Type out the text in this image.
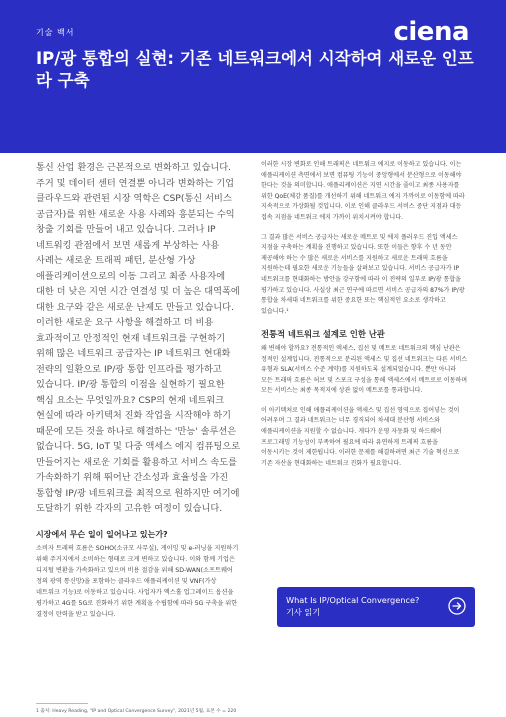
기술 백서	ciena
IP/광 통합의 실현: 기존 네트워크에서 시작하여 새로운 인프라 구축

통신 산업 환경은 근본적으로 변화하고 있습니다. 주거 및 데이터 센터 연결뿐 아니라 변화하는 기업 클라우드와 관련된 시장 역학은 CSP(통신 서비스 공급자)를 위한 새로운 사용 사례와 흥분되는 수익 창출 기회를 만들어 내고 있습니다. 그러나 IP 네트워킹 관점에서 보면 새롭게 부상하는 사용 사례는 새로운 트래픽 패턴, 분산형 가상 애플리케이션으로의 이동 그리고 최종 사용자에 대한 더 낮은 지연 시간 연결성 및 더 높은 대역폭에 대한 요구와 같은 새로운 난제도 만들고 있습니다. 이러한 새로운 요구 사항을 해결하고 더 비용 효과적이고 안정적인 현재 네트워크를 구현하기 위해 많은 네트워크 공급자는 IP 네트워크 현대화 전략의 일환으로 IP/광 통합 인프라를 평가하고 있습니다. IP/광 통합의 이점을 실현하기 필요한 핵심 요소는 무엇일까요? CSP의 현재 네트워크 현실에 따라 아키텍처 진화 작업을 시작해야 하기 때문에 모든 것을 하나로 해결하는 '만능' 솔루션은 없습니다. 5G, IoT 및 다중 액세스 에지 컴퓨팅으로 만들어지는 새로운 기회를 활용하고 서비스 속도를 가속화하기 위해 뛰어난 간소성과 효율성을 가진 통합형 IP/광 네트워크를 최적으로 원하지만 여기에 도달하기 위한 각자의 고유한 여정이 있습니다.

시장에서 무슨 일이 일어나고 있는가?

소비자 트래픽 흐름은 SOHO(소규모 사무실), 게이밍 및 e-러닝을 지원하기 위해 주거지에서 소비하는 형태로 크게 변하고 있습니다. 이와 함께 기업은 디지털 변환을 가속화하고 있으며 비용 절감을 위해 SD-WAN(소프트웨어 정의 광역 통신망)을 포함하는 클라우드 애플리케이션 및 VNF(가상 네트워크 기능)로 이동하고 있습니다. 사업자가 액스홀 업그레이드 옵션을 평가하고 4G를 5G로 진화하기 위한 계획을 수립함에 따라 5G 구축을 위한 결정이 탄력을 받고 있습니다.

이러한 시장 변화로 인해 트래픽은 네트워크 에지로 이동하고 있습니다. 이는 애플리케이션 측면에서 보면 컴퓨팅 기능이 중앙형에서 분산형으로 이동해야 한다는 것을 의미합니다. 애플리케이션은 지연 시간을 줄이고 최종 사용자를 위한 QoE(체감 품질)를 개선하기 위해 네트워크 에지 가까이로 이동함에 따라 지속적으로 가상화될 것입니다. 이로 인해 클라우드 서비스 중단 지점과 대등 접속 지점을 네트워크 에지 가까이 위치시켜야 합니다.

그 결과 많은 서비스 공급자는 새로운 메트로 및 에지 플러우드 진입 액세스 지점을 구축하는 계획을 진행하고 있습니다. 또한 이들은 향후 수 년 동안 제공해야 하는 수 많은 새로운 서비스를 지원하고 새로운 트래픽 흐름을 지원하는데 필요한 새로운 기능들을 살펴보고 있습니다. 서비스 공급자가 IP 네트워크를 현대화하는 방안을 강구함에 따라 이 전략의 일부로 IP/광 통합을 평가하고 있습니다. 사실상 최근 연구에 따르면 서비스 공급자의 87%가 IP/광 통합을 차세대 네트워크를 위한 중요한 또는 핵심적인 요소로 생각하고 있습니다.¹

전통적 네트워크 설계로 인한 난관

왜 변해야 할까요? 전통적인 액세스, 집선 및 메트로 네트워크의 핵심 난관은 정적인 설계입니다. 전통적으로 분리된 액세스 및 집선 네트워크는 다른 서비스 유형과 SLA(서비스 수준 계약)를 지원하도록 설계되었습니다. 뿐만 아니라 모든 트래픽 흐름은 허브 및 스포크 구성을 통해 액세스에서 메트로로 이동하며 모든 서비스는 최종 목적지에 상관 없이 메트로를 통과합니다.

이 아키텍처로 인해 애플리케이션을 액세스 및 집선 영역으로 집어넣는 것이 어려우며 그 결과 네트워크는 너무 경직되어 차세대 분산형 서비스와 애플리케이션을 지원할 수 없습니다. 게다가 운영 자동화 및 하드웨어 프로그래밍 기능성이 부족하여 필요에 따라 유연하게 트래픽 흐름을 이동시키는 것이 제한됩니다. 이러한 문제를 해결하려면 최근 기술 혁신으로 기존 자산을 현대화하는 네트워크 진화가 필요합니다.

What Is IP/Optical Convergence?
기사 읽기
1 출처: Heavy Reading, "IP and Optical Convergence Survey", 2021년 5월, 표본 수 = 220
